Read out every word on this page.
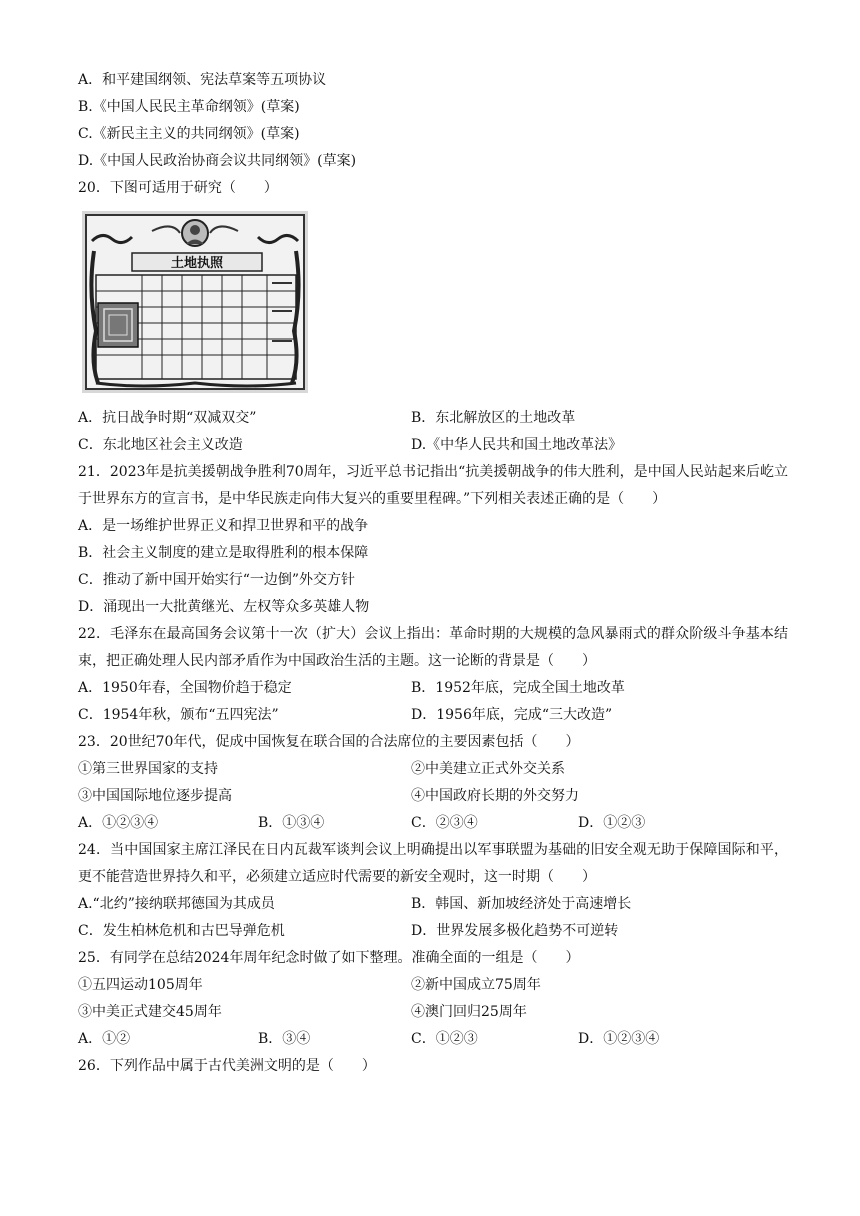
A．和平建国纲领、宪法草案等五项协议
B.《中国人民民主革命纲领》(草案)
C.《新民主主义的共同纲领》(草案)
D.《中国人民政治协商会议共同纲领》(草案)
20．下图可适用于研究（　　）
土地执照
A．抗日战争时期“双减双交”	B．东北解放区的土地改革
C．东北地区社会主义改造	D.《中华人民共和国土地改革法》
21．2023年是抗美援朝战争胜利70周年，习近平总书记指出“抗美援朝战争的伟大胜利，是中国人民站起来后屹立于世界东方的宣言书，是中华民族走向伟大复兴的重要里程碑。”下列相关表述正确的是（　　）
A．是一场维护世界正义和捍卫世界和平的战争
B．社会主义制度的建立是取得胜利的根本保障
C．推动了新中国开始实行“一边倒”外交方针
D．涌现出一大批黄继光、左权等众多英雄人物
22．毛泽东在最高国务会议第十一次（扩大）会议上指出：革命时期的大规模的急风暴雨式的群众阶级斗争基本结束，把正确处理人民内部矛盾作为中国政治生活的主题。这一论断的背景是（　　）
A．1950年春，全国物价趋于稳定	B．1952年底，完成全国土地改革
C．1954年秋，颁布“五四宪法”	D．1956年底，完成“三大改造”
23．20世纪70年代，促成中国恢复在联合国的合法席位的主要因素包括（　　）
①第三世界国家的支持	②中美建立正式外交关系
③中国国际地位逐步提高	④中国政府长期的外交努力
A．①②③④	B．①③④	C．②③④	D．①②③
24．当中国国家主席江泽民在日内瓦裁军谈判会议上明确提出以军事联盟为基础的旧安全观无助于保障国际和平，更不能营造世界持久和平，必须建立适应时代需要的新安全观时，这一时期（　　）
A.“北约”接纳联邦德国为其成员	B．韩国、新加坡经济处于高速增长
C．发生柏林危机和古巴导弹危机	D．世界发展多极化趋势不可逆转
25．有同学在总结2024年周年纪念时做了如下整理。准确全面的一组是（　　）
①五四运动105周年	②新中国成立75周年
③中美正式建交45周年	④澳门回归25周年
A．①②	B．③④	C．①②③	D．①②③④
26．下列作品中属于古代美洲文明的是（　　）
